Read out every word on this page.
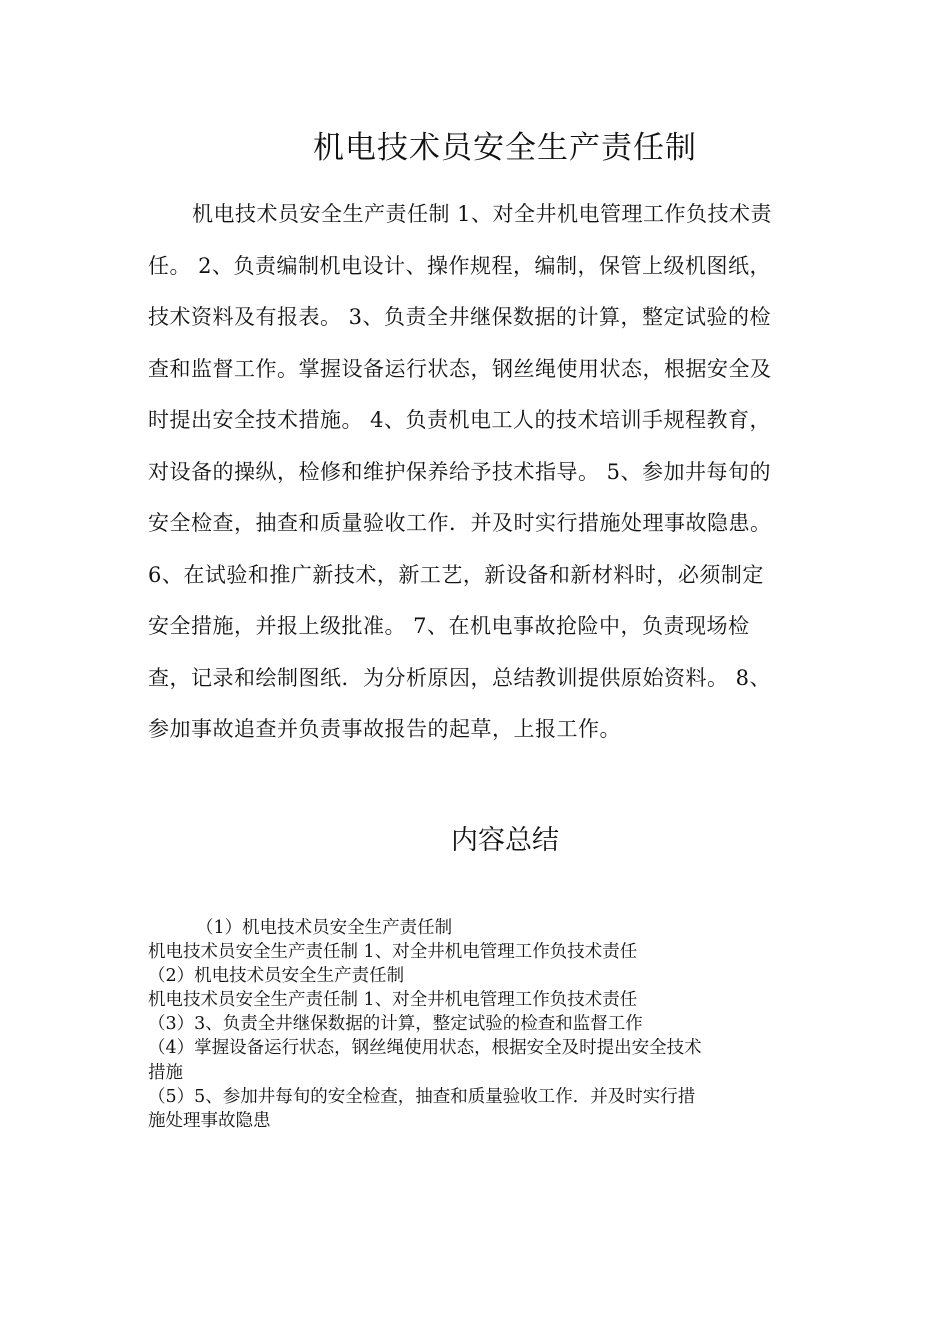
机电技术员安全生产责任制
机电技术员安全生产责任制 1、对全井机电管理工作负技术责
任。 2、负责编制机电设计、操作规程，编制，保管上级机图纸，
技术资料及有报表。 3、负责全井继保数据的计算，整定试验的检
查和监督工作。掌握设备运行状态，钢丝绳使用状态，根据安全及
时提出安全技术措施。 4、负责机电工人的技术培训手规程教育，
对设备的操纵，检修和维护保养给予技术指导。 5、参加井每旬的
安全检查，抽查和质量验收工作．并及时实行措施处理事故隐患。
6、在试验和推广新技术，新工艺，新设备和新材料时，必须制定
安全措施，并报上级批准。 7、在机电事故抢险中，负责现场检
查，记录和绘制图纸．为分析原因，总结教训提供原始资料。 8、
参加事故追查并负责事故报告的起草，上报工作。
内容总结
（1）机电技术员安全生产责任制
机电技术员安全生产责任制 1、对全井机电管理工作负技术责任
（2）机电技术员安全生产责任制
机电技术员安全生产责任制 1、对全井机电管理工作负技术责任
（3）3、负责全井继保数据的计算，整定试验的检查和监督工作
（4）掌握设备运行状态，钢丝绳使用状态，根据安全及时提出安全技术
措施
（5）5、参加井每旬的安全检查，抽查和质量验收工作．并及时实行措
施处理事故隐患
